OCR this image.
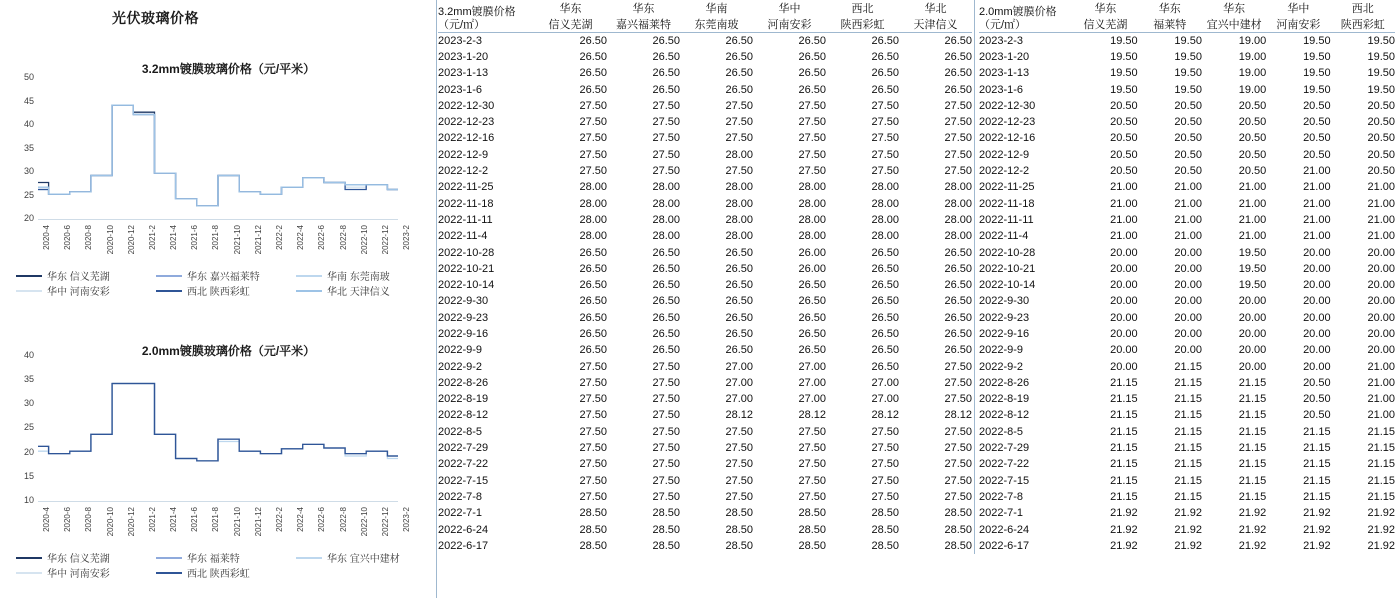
光伏玻璃价格
3.2mm镀膜玻璃价格（元/平米）
20
25
30
35
40
45
50
2020-4 2020-6 2020-8 2020-10 2020-12 2021-2 2021-4 2021-6 2021-8 2021-10 2021-12 2022-2 2022-4 2022-6 2022-8 2022-10 2022-12 2023-2
华东 信义芜湖	华东 嘉兴福莱特	华南 东莞南玻
华中 河南安彩	西北 陕西彩虹	华北 天津信义
2.0mm镀膜玻璃价格（元/平米）
10
15
20
25
30
35
40
2020-4 2020-6 2020-8 2020-10 2020-12 2021-2 2021-4 2021-6 2021-8 2021-10 2021-12 2022-2 2022-4 2022-6 2022-8 2022-10 2022-12 2023-2
华东 信义芜湖	华东 福莱特	华东 宜兴中建材
华中 河南安彩	西北 陕西彩虹
3.2mm镀膜价格
（元/㎡）	华东	华东	华南	华中	西北	华北
	信义芜湖	嘉兴福莱特	东莞南玻	河南安彩	陕西彩虹	天津信义
2023-2-3	26.50	26.50	26.50	26.50	26.50	26.50
2023-1-20	26.50	26.50	26.50	26.50	26.50	26.50
2023-1-13	26.50	26.50	26.50	26.50	26.50	26.50
2023-1-6	26.50	26.50	26.50	26.50	26.50	26.50
2022-12-30	27.50	27.50	27.50	27.50	27.50	27.50
2022-12-23	27.50	27.50	27.50	27.50	27.50	27.50
2022-12-16	27.50	27.50	27.50	27.50	27.50	27.50
2022-12-9	27.50	27.50	28.00	27.50	27.50	27.50
2022-12-2	27.50	27.50	27.50	27.50	27.50	27.50
2022-11-25	28.00	28.00	28.00	28.00	28.00	28.00
2022-11-18	28.00	28.00	28.00	28.00	28.00	28.00
2022-11-11	28.00	28.00	28.00	28.00	28.00	28.00
2022-11-4	28.00	28.00	28.00	28.00	28.00	28.00
2022-10-28	26.50	26.50	26.50	26.00	26.50	26.50
2022-10-21	26.50	26.50	26.50	26.00	26.50	26.50
2022-10-14	26.50	26.50	26.50	26.50	26.50	26.50
2022-9-30	26.50	26.50	26.50	26.50	26.50	26.50
2022-9-23	26.50	26.50	26.50	26.50	26.50	26.50
2022-9-16	26.50	26.50	26.50	26.50	26.50	26.50
2022-9-9	26.50	26.50	26.50	26.50	26.50	26.50
2022-9-2	27.50	27.50	27.00	27.00	26.50	27.50
2022-8-26	27.50	27.50	27.00	27.00	27.00	27.50
2022-8-19	27.50	27.50	27.00	27.00	27.00	27.50
2022-8-12	27.50	27.50	28.12	28.12	28.12	28.12
2022-8-5	27.50	27.50	27.50	27.50	27.50	27.50
2022-7-29	27.50	27.50	27.50	27.50	27.50	27.50
2022-7-22	27.50	27.50	27.50	27.50	27.50	27.50
2022-7-15	27.50	27.50	27.50	27.50	27.50	27.50
2022-7-8	27.50	27.50	27.50	27.50	27.50	27.50
2022-7-1	28.50	28.50	28.50	28.50	28.50	28.50
2022-6-24	28.50	28.50	28.50	28.50	28.50	28.50
2022-6-17	28.50	28.50	28.50	28.50	28.50	28.50
2.0mm镀膜价格
（元/㎡）	华东	华东	华东	华中	西北
	信义芜湖	福莱特	宜兴中建材	河南安彩	陕西彩虹
2023-2-3	19.50	19.50	19.00	19.50	19.50
2023-1-20	19.50	19.50	19.00	19.50	19.50
2023-1-13	19.50	19.50	19.00	19.50	19.50
2023-1-6	19.50	19.50	19.00	19.50	19.50
2022-12-30	20.50	20.50	20.50	20.50	20.50
2022-12-23	20.50	20.50	20.50	20.50	20.50
2022-12-16	20.50	20.50	20.50	20.50	20.50
2022-12-9	20.50	20.50	20.50	20.50	20.50
2022-12-2	20.50	20.50	20.50	21.00	20.50
2022-11-25	21.00	21.00	21.00	21.00	21.00
2022-11-18	21.00	21.00	21.00	21.00	21.00
2022-11-11	21.00	21.00	21.00	21.00	21.00
2022-11-4	21.00	21.00	21.00	21.00	21.00
2022-10-28	20.00	20.00	19.50	20.00	20.00
2022-10-21	20.00	20.00	19.50	20.00	20.00
2022-10-14	20.00	20.00	19.50	20.00	20.00
2022-9-30	20.00	20.00	20.00	20.00	20.00
2022-9-23	20.00	20.00	20.00	20.00	20.00
2022-9-16	20.00	20.00	20.00	20.00	20.00
2022-9-9	20.00	20.00	20.00	20.00	20.00
2022-9-2	20.00	21.15	20.00	20.00	21.00
2022-8-26	21.15	21.15	21.15	20.50	21.00
2022-8-19	21.15	21.15	21.15	20.50	21.00
2022-8-12	21.15	21.15	21.15	20.50	21.00
2022-8-5	21.15	21.15	21.15	21.15	21.15
2022-7-29	21.15	21.15	21.15	21.15	21.15
2022-7-22	21.15	21.15	21.15	21.15	21.15
2022-7-15	21.15	21.15	21.15	21.15	21.15
2022-7-8	21.15	21.15	21.15	21.15	21.15
2022-7-1	21.92	21.92	21.92	21.92	21.92
2022-6-24	21.92	21.92	21.92	21.92	21.92
2022-6-17	21.92	21.92	21.92	21.92	21.92
